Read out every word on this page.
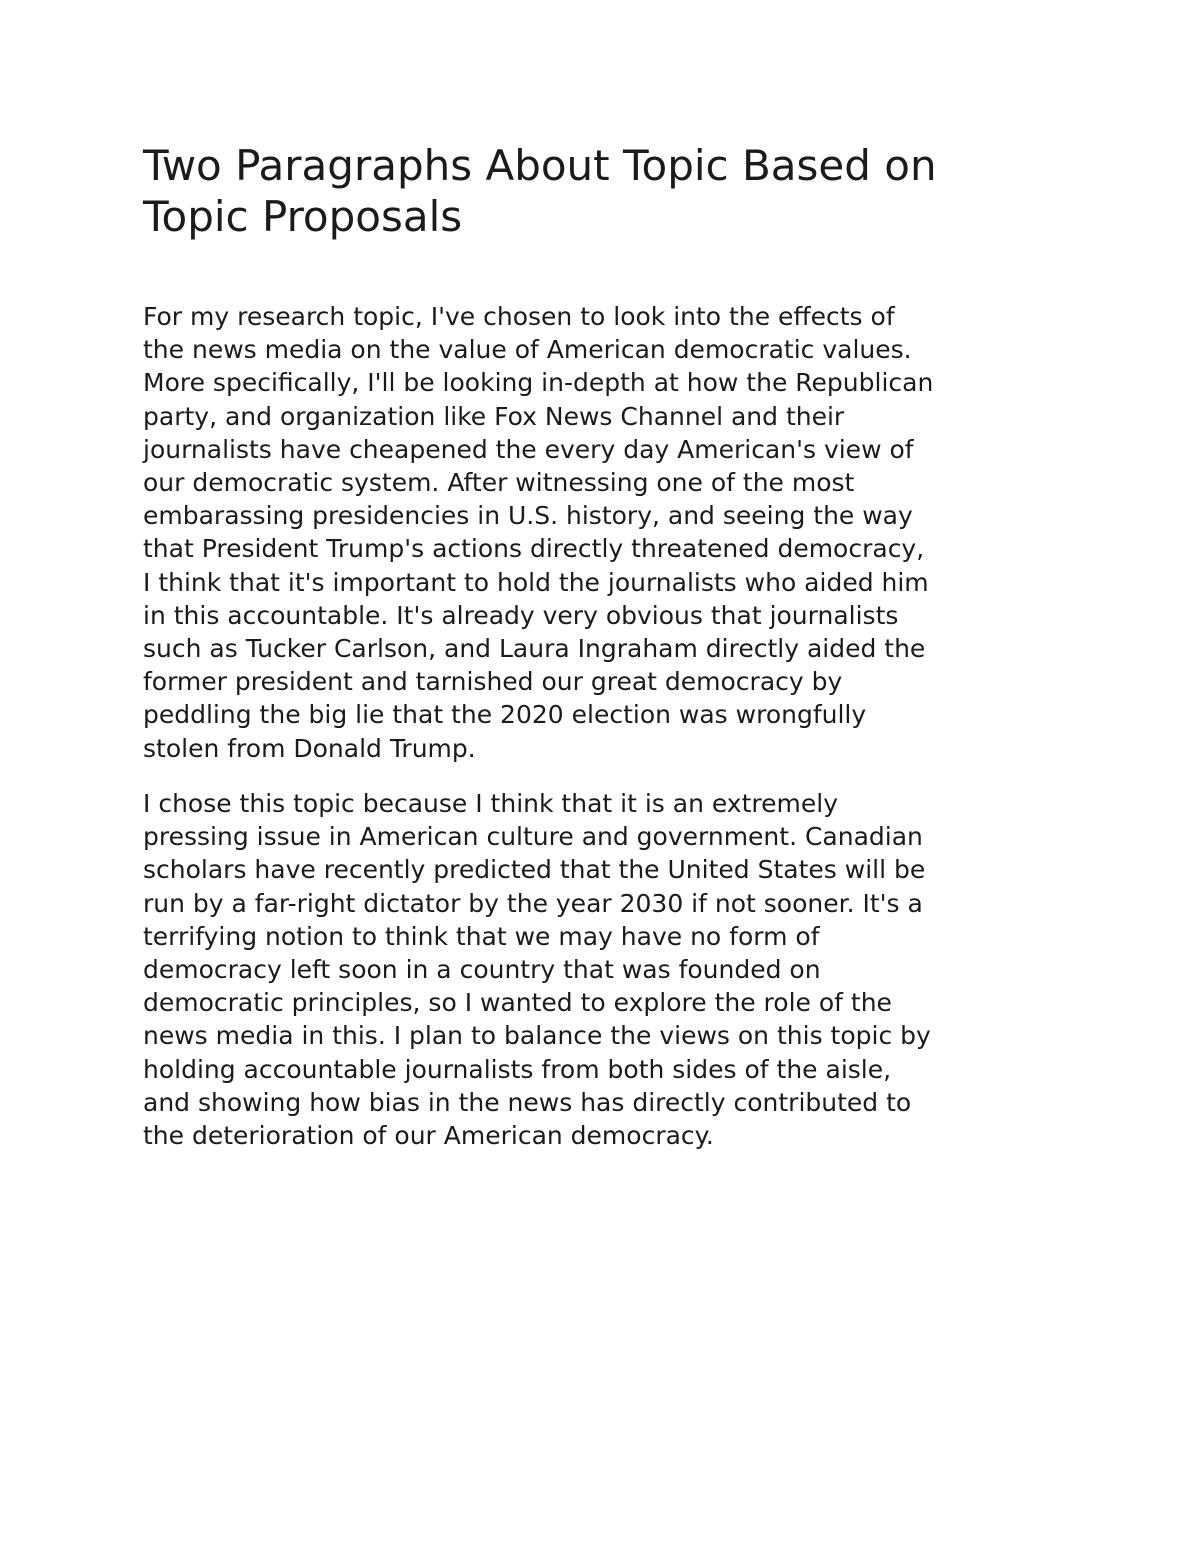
Two Paragraphs About Topic Based on
Topic Proposals

For my research topic, I've chosen to look into the effects of
the news media on the value of American democratic values.
More specifically, I'll be looking in-depth at how the Republican
party, and organization like Fox News Channel and their
journalists have cheapened the every day American's view of
our democratic system. After witnessing one of the most
embarassing presidencies in U.S. history, and seeing the way
that President Trump's actions directly threatened democracy,
I think that it's important to hold the journalists who aided him
in this accountable. It's already very obvious that journalists
such as Tucker Carlson, and Laura Ingraham directly aided the
former president and tarnished our great democracy by
peddling the big lie that the 2020 election was wrongfully
stolen from Donald Trump.

I chose this topic because I think that it is an extremely
pressing issue in American culture and government. Canadian
scholars have recently predicted that the United States will be
run by a far-right dictator by the year 2030 if not sooner. It's a
terrifying notion to think that we may have no form of
democracy left soon in a country that was founded on
democratic principles, so I wanted to explore the role of the
news media in this. I plan to balance the views on this topic by
holding accountable journalists from both sides of the aisle,
and showing how bias in the news has directly contributed to
the deterioration of our American democracy.
